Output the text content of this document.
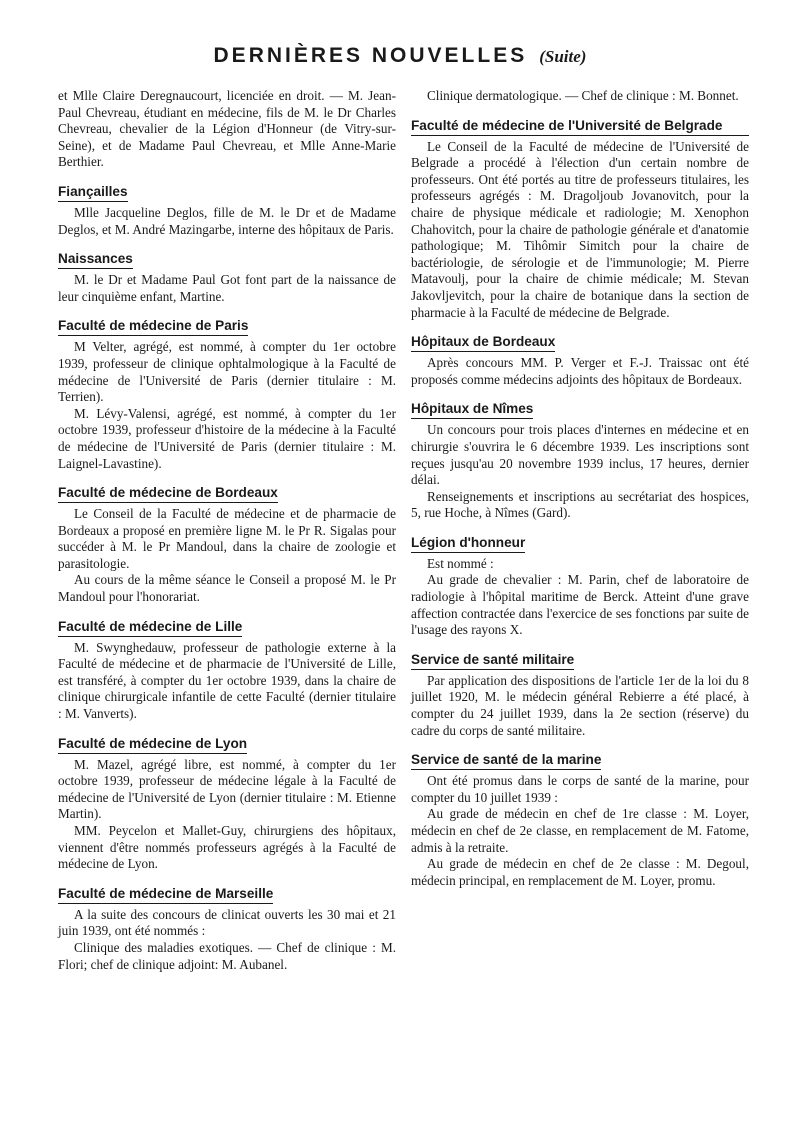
DERNIÈRES NOUVELLES (Suite)

et Mlle Claire Deregnaucourt, licenciée en droit. — M. Jean-Paul Chevreau, étudiant en médecine, fils de M. le Dr Charles Chevreau, chevalier de la Légion d'Honneur (de Vitry-sur-Seine), et de Madame Paul Chevreau, et Mlle Anne-Marie Berthier.

Fiançailles

Mlle Jacqueline Deglos, fille de M. le Dr et de Madame Deglos, et M. André Mazingarbe, interne des hôpitaux de Paris.

Naissances

M. le Dr et Madame Paul Got font part de la naissance de leur cinquième enfant, Martine.

Faculté de médecine de Paris

M Velter, agrégé, est nommé, à compter du 1er octobre 1939, professeur de clinique ophtalmologique à la Faculté de médecine de l'Université de Paris (dernier titulaire : M. Terrien).

M. Lévy-Valensi, agrégé, est nommé, à compter du 1er octobre 1939, professeur d'histoire de la médecine à la Faculté de médecine de l'Université de Paris (dernier titulaire : M. Laignel-Lavastine).

Faculté de médecine de Bordeaux

Le Conseil de la Faculté de médecine et de pharmacie de Bordeaux a proposé en première ligne M. le Pr R. Sigalas pour succéder à M. le Pr Mandoul, dans la chaire de zoologie et parasitologie.

Au cours de la même séance le Conseil a proposé M. le Pr Mandoul pour l'honorariat.

Faculté de médecine de Lille

M. Swynghedauw, professeur de pathologie externe à la Faculté de médecine et de pharmacie de l'Université de Lille, est transféré, à compter du 1er octobre 1939, dans la chaire de clinique chirurgicale infantile de cette Faculté (dernier titulaire : M. Vanverts).

Faculté de médecine de Lyon

M. Mazel, agrégé libre, est nommé, à compter du 1er octobre 1939, professeur de médecine légale à la Faculté de médecine de l'Université de Lyon (dernier titulaire : M. Etienne Martin).

MM. Peycelon et Mallet-Guy, chirurgiens des hôpitaux, viennent d'être nommés professeurs agrégés à la Faculté de médecine de Lyon.

Faculté de médecine de Marseille

A la suite des concours de clinicat ouverts les 30 mai et 21 juin 1939, ont été nommés :

Clinique des maladies exotiques. — Chef de clinique : M. Flori; chef de clinique adjoint: M. Aubanel.

Clinique dermatologique. — Chef de clinique : M. Bonnet.

Faculté de médecine de l'Université de Belgrade

Le Conseil de la Faculté de médecine de l'Université de Belgrade a procédé à l'élection d'un certain nombre de professeurs. Ont été portés au titre de professeurs titulaires, les professeurs agrégés : M. Dragoljoub Jovanovitch, pour la chaire de physique médicale et radiologie; M. Xenophon Chahovitch, pour la chaire de pathologie générale et d'anatomie pathologique; M. Tihômir Simitch pour la chaire de bactériologie, de sérologie et de l'immunologie; M. Pierre Matavoulj, pour la chaire de chimie médicale; M. Stevan Jakovljevitch, pour la chaire de botanique dans la section de pharmacie à la Faculté de médecine de Belgrade.

Hôpitaux de Bordeaux

Après concours MM. P. Verger et F.-J. Traissac ont été proposés comme médecins adjoints des hôpitaux de Bordeaux.

Hôpitaux de Nîmes

Un concours pour trois places d'internes en médecine et en chirurgie s'ouvrira le 6 décembre 1939. Les inscriptions sont reçues jusqu'au 20 novembre 1939 inclus, 17 heures, dernier délai.

Renseignements et inscriptions au secrétariat des hospices, 5, rue Hoche, à Nîmes (Gard).

Légion d'honneur

Est nommé :

Au grade de chevalier : M. Parin, chef de laboratoire de radiologie à l'hôpital maritime de Berck. Atteint d'une grave affection contractée dans l'exercice de ses fonctions par suite de l'usage des rayons X.

Service de santé militaire

Par application des dispositions de l'article 1er de la loi du 8 juillet 1920, M. le médecin général Rebierre a été placé, à compter du 24 juillet 1939, dans la 2e section (réserve) du cadre du corps de santé militaire.

Service de santé de la marine

Ont été promus dans le corps de santé de la marine, pour compter du 10 juillet 1939 :

Au grade de médecin en chef de 1re classe : M. Loyer, médecin en chef de 2e classe, en remplacement de M. Fatome, admis à la retraite.

Au grade de médecin en chef de 2e classe : M. Degoul, médecin principal, en remplacement de M. Loyer, promu.
